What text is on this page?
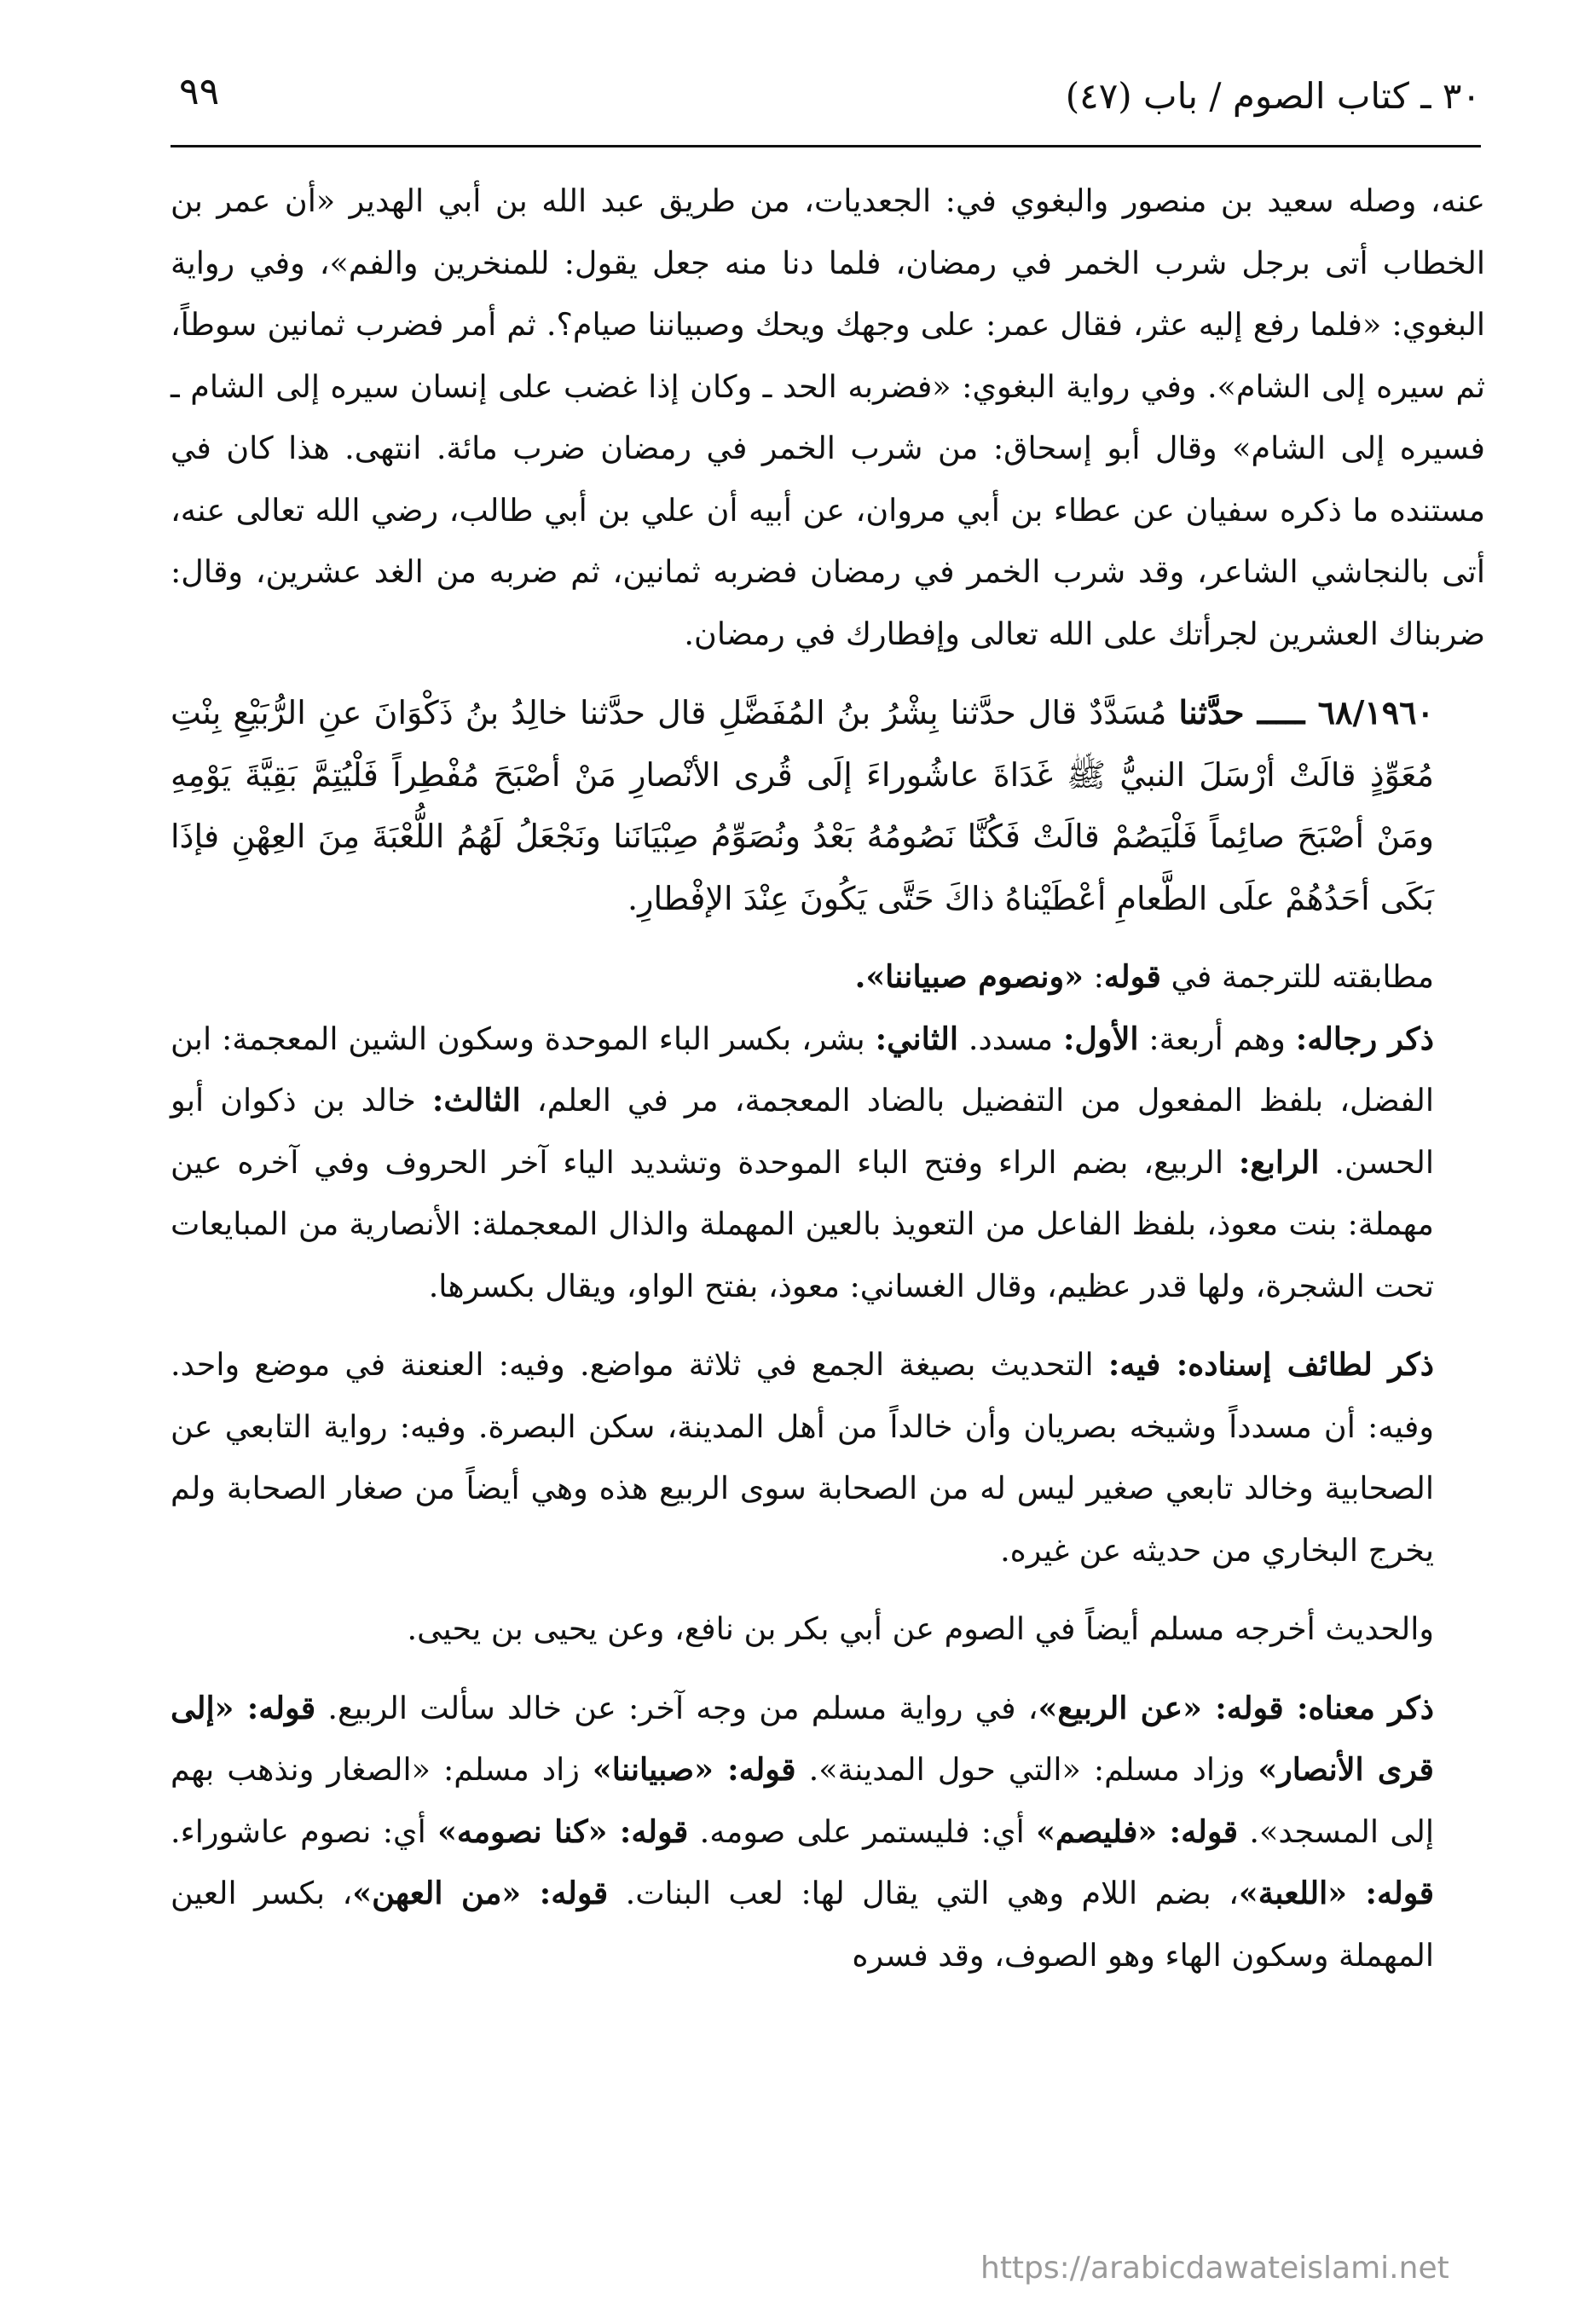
٩٩	٣٠ ـ كتاب الصوم / باب (٤٧)

عنه، وصله سعيد بن منصور والبغوي في: الجعديات، من طريق عبد الله بن أبي الهدير «أن عمر بن الخطاب أتى برجل شرب الخمر في رمضان، فلما دنا منه جعل يقول: للمنخرين والفم»، وفي رواية البغوي: «فلما رفع إليه عثر، فقال عمر: على وجهك ويحك وصبياننا صيام؟. ثم أمر فضرب ثمانين سوطاً، ثم سيره إلى الشام». وفي رواية البغوي: «فضربه الحد ـ وكان إذا غضب على إنسان سيره إلى الشام ـ فسيره إلى الشام» وقال أبو إسحاق: من شرب الخمر في رمضان ضرب مائة. انتهى. هذا كان في مستنده ما ذكره سفيان عن عطاء بن أبي مروان، عن أبيه أن علي بن أبي طالب، رضي الله تعالى عنه، أتى بالنجاشي الشاعر، وقد شرب الخمر في رمضان فضربه ثمانين، ثم ضربه من الغد عشرين، وقال: ضربناك العشرين لجرأتك على الله تعالى وإفطارك في رمضان.

٦٨/١٩٦٠ ـــــ حدَّثنا مُسَدَّدٌ قال حدَّثنا بِشْرُ بنُ المُفَضَّلِ قال حدَّثنا خالِدُ بنُ ذَكْوَانَ عنِ الرُّبَيْعِ بِنْتِ مُعَوِّذٍ قالَتْ أرْسَلَ النبيُّ ﷺ غَدَاةَ عاشُوراءَ إلَى قُرى الأنْصارِ مَنْ أصْبَحَ مُفْطِراً فَلْيُتِمَّ بَقِيَّةَ يَوْمِهِ ومَنْ أصْبَحَ صائِماً فَلْيَصُمْ قالَتْ فَكُنَّا نَصُومُهُ بَعْدُ ونُصَوِّمُ صِبْيَانَنا ونَجْعَلُ لَهُمُ اللُّعْبَةَ مِنَ العِهْنِ فإذَا بَكَى أحَدُهُمْ علَى الطَّعامِ أعْطَيْناهُ ذاكَ حَتَّى يَكُونَ عِنْدَ الإفْطارِ.

مطابقته للترجمة في قوله: «ونصوم صبياننا».

ذكر رجاله: وهم أربعة: الأول: مسدد. الثاني: بشر، بكسر الباء الموحدة وسكون الشين المعجمة: ابن الفضل، بلفظ المفعول من التفضيل بالضاد المعجمة، مر في العلم، الثالث: خالد بن ذكوان أبو الحسن. الرابع: الربيع، بضم الراء وفتح الباء الموحدة وتشديد الياء آخر الحروف وفي آخره عين مهملة: بنت معوذ، بلفظ الفاعل من التعويذ بالعين المهملة والذال المعجملة: الأنصارية من المبايعات تحت الشجرة، ولها قدر عظيم، وقال الغساني: معوذ، بفتح الواو، ويقال بكسرها.

ذكر لطائف إسناده: فيه: التحديث بصيغة الجمع في ثلاثة مواضع. وفيه: العنعنة في موضع واحد. وفيه: أن مسدداً وشيخه بصريان وأن خالداً من أهل المدينة، سكن البصرة. وفيه: رواية التابعي عن الصحابية وخالد تابعي صغير ليس له من الصحابة سوى الربيع هذه وهي أيضاً من صغار الصحابة ولم يخرج البخاري من حديثه عن غيره.

والحديث أخرجه مسلم أيضاً في الصوم عن أبي بكر بن نافع، وعن يحيى بن يحيى.

ذكر معناه: قوله: «عن الربيع»، في رواية مسلم من وجه آخر: عن خالد سألت الربيع. قوله: «إلى قرى الأنصار» وزاد مسلم: «التي حول المدينة». قوله: «صبياننا» زاد مسلم: «الصغار ونذهب بهم إلى المسجد». قوله: «فليصم» أي: فليستمر على صومه. قوله: «كنا نصومه» أي: نصوم عاشوراء. قوله: «اللعبة»، بضم اللام وهي التي يقال لها: لعب البنات. قوله: «من العهن»، بكسر العين المهملة وسكون الهاء وهو الصوف، وقد فسره

https://arabicdawateislami.net
